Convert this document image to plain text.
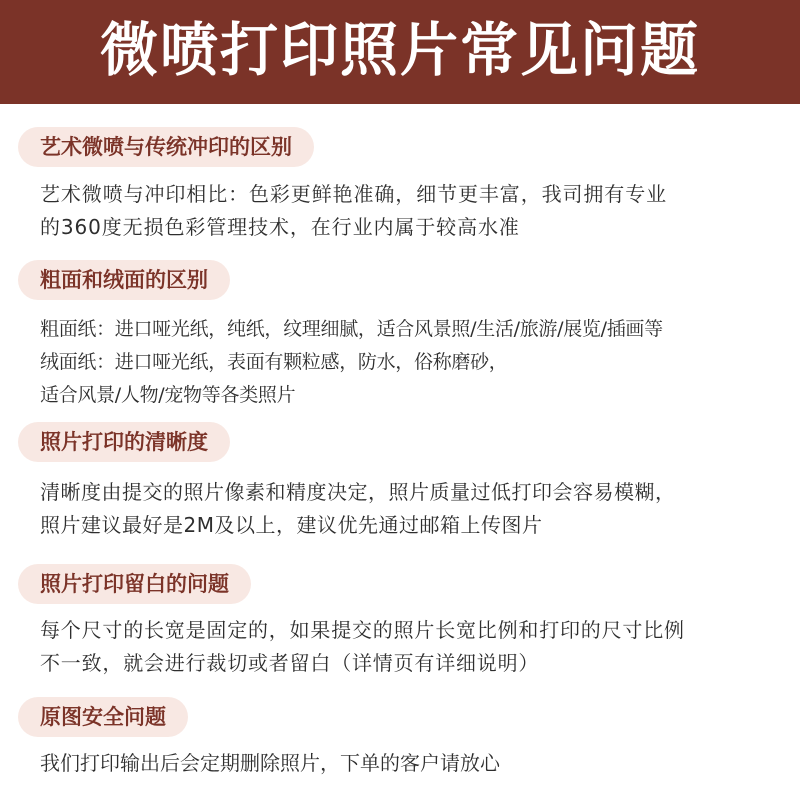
微喷打印照片常见问题
艺术微喷与传统冲印的区别
艺术微喷与冲印相比：色彩更鲜艳准确，细节更丰富，我司拥有专业
的360度无损色彩管理技术，在行业内属于较高水准
粗面和绒面的区别
粗面纸：进口哑光纸，纯纸，纹理细腻，适合风景照/生活/旅游/展览/插画等
绒面纸：进口哑光纸，表面有颗粒感，防水，俗称磨砂，
适合风景/人物/宠物等各类照片
照片打印的清晰度
清晰度由提交的照片像素和精度决定，照片质量过低打印会容易模糊，
照片建议最好是2M及以上，建议优先通过邮箱上传图片
照片打印留白的问题
每个尺寸的长宽是固定的，如果提交的照片长宽比例和打印的尺寸比例
不一致，就会进行裁切或者留白（详情页有详细说明）
原图安全问题
我们打印输出后会定期删除照片，下单的客户请放心
